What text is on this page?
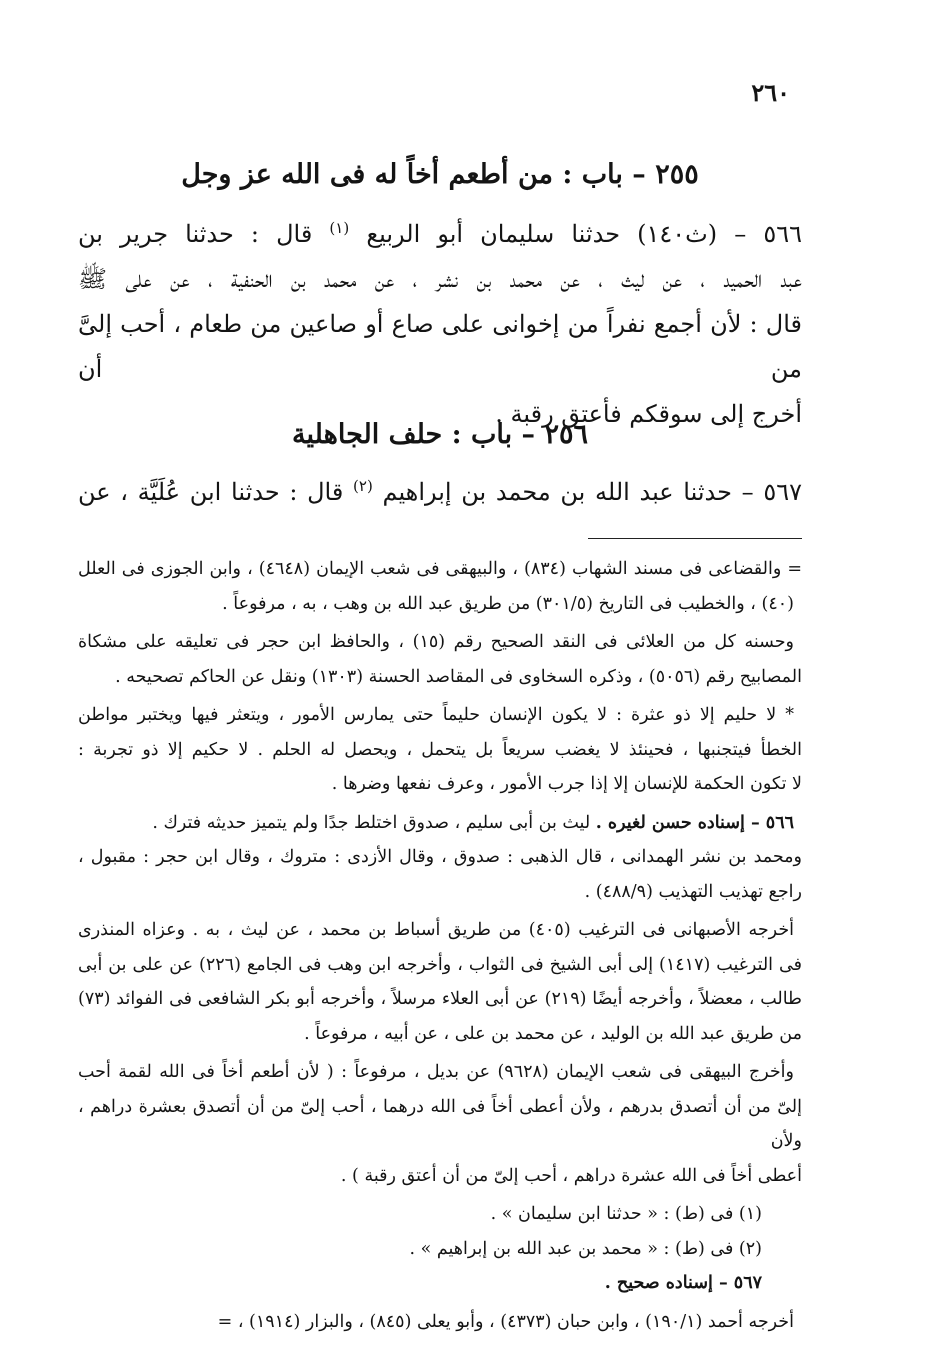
٢٦٠
٢٥٥ – باب : من أطعم أخاً له فى الله عز وجل
٥٦٦ – (ث١٤٠) حدثنا سليمان أبو الربيع $^{(١)}$ قال : حدثنا جرير بن
عبد الحميد ، عن ليث ، عن محمد بن نشر ، عن محمد بن الحنفية ، عن على ﷺ
قال : لأن أجمع نفراً من إخوانى على صاع أو صاعين من طعام ، أحب إلىَّ من أن
أخرج إلى سوقكم فأعتق رقبة .
٢٥٦ – باب : حلف الجاهلية
٥٦٧ – حدثنا عبد الله بن محمد بن إبراهيم $^{(٢)}$ قال : حدثنا ابن عُلَيَّة ، عن

= والقضاعى فى مسند الشهاب (٨٣٤) ، والبيهقى فى شعب الإيمان (٤٦٤٨) ، وابن الجوزى فى العلل
(٤٠) ، والخطيب فى التاريخ (٣٠١/٥) من طريق عبد الله بن وهب ، به ، مرفوعاً .

وحسنه كل من العلائى فى النقد الصحيح رقم (١٥) ، والحافظ ابن حجر فى تعليقه على مشكاة
المصابيح رقم (٥٠٥٦) ، وذكره السخاوى فى المقاصد الحسنة (١٣٠٣) ونقل عن الحاكم تصحيحه .

* لا حليم إلا ذو عثرة : لا يكون الإنسان حليماً حتى يمارس الأمور ، ويتعثر فيها ويختبر مواطن
الخطأ فيتجنبها ، فحينئذ لا يغضب سريعاً بل يتحمل ، ويحصل له الحلم . لا حكيم إلا ذو تجربة :
لا تكون الحكمة للإنسان إلا إذا جرب الأمور ، وعرف نفعها وضرها .

٥٦٦ – إسناده حسن لغيره . ليث بن أبى سليم ، صدوق اختلط جدًا ولم يتميز حديثه فترك .
ومحمد بن نشر الهمدانى ، قال الذهبى : صدوق ، وقال الأزدى : متروك ، وقال ابن حجر : مقبول ،
راجع تهذيب التهذيب (٤٨٨/٩) .

أخرجه الأصبهانى فى الترغيب (٤٠٥) من طريق أسباط بن محمد ، عن ليث ، به . وعزاه المنذرى
فى الترغيب (١٤١٧) إلى أبى الشيخ فى الثواب ، وأخرجه ابن وهب فى الجامع (٢٢٦) عن على بن أبى
طالب ، معضلاً ، وأخرجه أيضًا (٢١٩) عن أبى العلاء مرسلاً ، وأخرجه أبو بكر الشافعى فى الفوائد (٧٣)
من طريق عبد الله بن الوليد ، عن محمد بن على ، عن أبيه ، مرفوعاً .

وأخرج البيهقى فى شعب الإيمان (٩٦٢٨) عن بديل ، مرفوعاً : ( لأن أطعم أخاً فى الله لقمة أحب
إلىّ من أن أتصدق بدرهم ، ولأن أعطى أخاً فى الله درهما ، أحب إلىّ من أن أتصدق بعشرة دراهم ، ولأن
أعطى أخاً فى الله عشرة دراهم ، أحب إلىّ من أن أعتق رقبة ) .

(١) فى (ط) : « حدثنا ابن سليمان » .
(٢) فى (ط) : « محمد بن عبد الله بن إبراهيم » .
٥٦٧ – إسناده صحيح .

أخرجه أحمد (١٩٠/١) ، وابن حبان (٤٣٧٣) ، وأبو يعلى (٨٤٥) ، والبزار (١٩١٤) ، =
